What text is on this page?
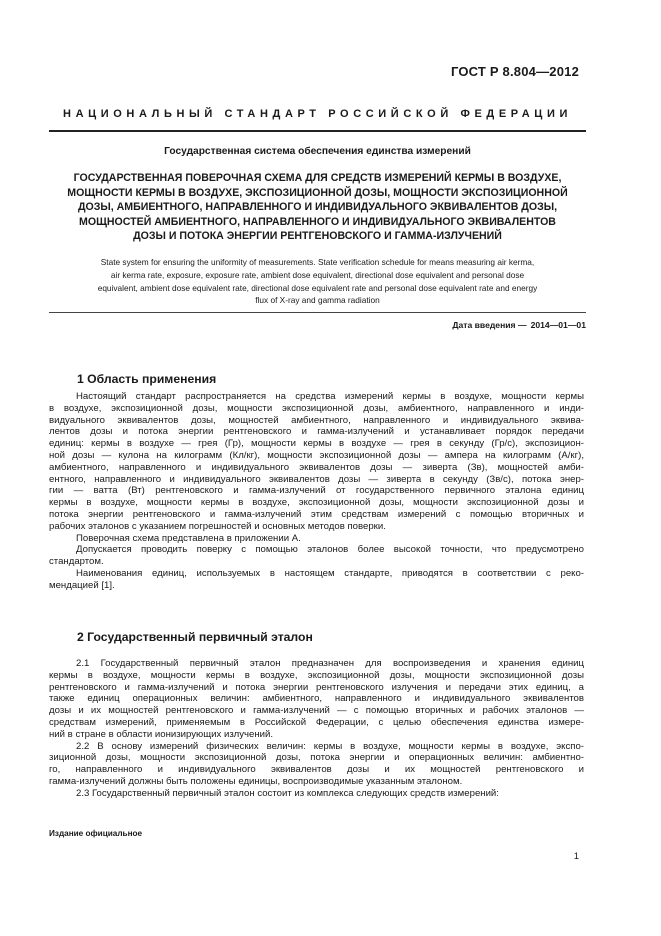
ГОСТ Р 8.804—2012
НАЦИОНАЛЬНЫЙ СТАНДАРТ РОССИЙСКОЙ ФЕДЕРАЦИИ
Государственная система обеспечения единства измерений
ГОСУДАРСТВЕННАЯ ПОВЕРОЧНАЯ СХЕМА ДЛЯ СРЕДСТВ ИЗМЕРЕНИЙ КЕРМЫ В ВОЗДУХЕ,
МОЩНОСТИ КЕРМЫ В ВОЗДУХЕ, ЭКСПОЗИЦИОННОЙ ДОЗЫ, МОЩНОСТИ ЭКСПОЗИЦИОННОЙ
ДОЗЫ, АМБИЕНТНОГО, НАПРАВЛЕННОГО И ИНДИВИДУАЛЬНОГО ЭКВИВАЛЕНТОВ ДОЗЫ,
МОЩНОСТЕЙ АМБИЕНТНОГО, НАПРАВЛЕННОГО И ИНДИВИДУАЛЬНОГО ЭКВИВАЛЕНТОВ
ДОЗЫ И ПОТОКА ЭНЕРГИИ РЕНТГЕНОВСКОГО И ГАММА-ИЗЛУЧЕНИЙ
State system for ensuring the uniformity of measurements. State verification schedule for means measuring air kerma,
air kerma rate, exposure, exposure rate, ambient dose equivalent, directional dose equivalent and personal dose
equivalent, ambient dose equivalent rate, directional dose equivalent rate and personal dose equivalent rate and energy
flux of X-ray and gamma radiation
Дата введения — 2014—01—01
1 Область применения
Настоящий стандарт распространяется на средства измерений кермы в воздухе, мощности кермы
в воздухе, экспозиционной дозы, мощности экспозиционной дозы, амбиентного, направленного и инди-
видуального эквивалентов дозы, мощностей амбиентного, направленного и индивидуального эквива-
лентов дозы и потока энергии рентгеновского и гамма-излучений и устанавливает порядок передачи
единиц: кермы в воздухе — грея (Гр), мощности кермы в воздухе — грея в секунду (Гр/с), экспозицион-
ной дозы — кулона на килограмм (Кл/кг), мощности экспозиционной дозы — ампера на килограмм (А/кг),
амбиентного, направленного и индивидуального эквивалентов дозы — зиверта (Зв), мощностей амби-
ентного, направленного и индивидуального эквивалентов дозы — зиверта в секунду (Зв/с), потока энер-
гии — ватта (Вт) рентгеновского и гамма-излучений от государственного первичного эталона единиц
кермы в воздухе, мощности кермы в воздухе, экспозиционной дозы, мощности экспозиционной дозы и
потока энергии рентгеновского и гамма-излучений этим средствам измерений с помощью вторичных и
рабочих эталонов с указанием погрешностей и основных методов поверки.
Поверочная схема представлена в приложении А.
Допускается проводить поверку с помощью эталонов более высокой точности, что предусмотрено
стандартом.
Наименования единиц, используемых в настоящем стандарте, приводятся в соответствии с реко-
мендацией [1].
2 Государственный первичный эталон
2.1 Государственный первичный эталон предназначен для воспроизведения и хранения единиц
кермы в воздухе, мощности кермы в воздухе, экспозиционной дозы, мощности экспозиционной дозы
рентгеновского и гамма-излучений и потока энергии рентгеновского излучения и передачи этих единиц, а
также единиц операционных величин: амбиентного, направленного и индивидуального эквивалентов
дозы и их мощностей рентгеновского и гамма-излучений — с помощью вторичных и рабочих эталонов —
средствам измерений, применяемым в Российской Федерации, с целью обеспечения единства измере-
ний в стране в области ионизирующих излучений.
2.2 В основу измерений физических величин: кермы в воздухе, мощности кермы в воздухе, экспо-
зиционной дозы, мощности экспозиционной дозы, потока энергии и операционных величин: амбиентно-
го, направленного и индивидуального эквивалентов дозы и их мощностей рентгеновского и
гамма-излучений должны быть положены единицы, воспроизводимые указанным эталоном.
2.3 Государственный первичный эталон состоит из комплекса следующих средств измерений:
Издание официальное
1
